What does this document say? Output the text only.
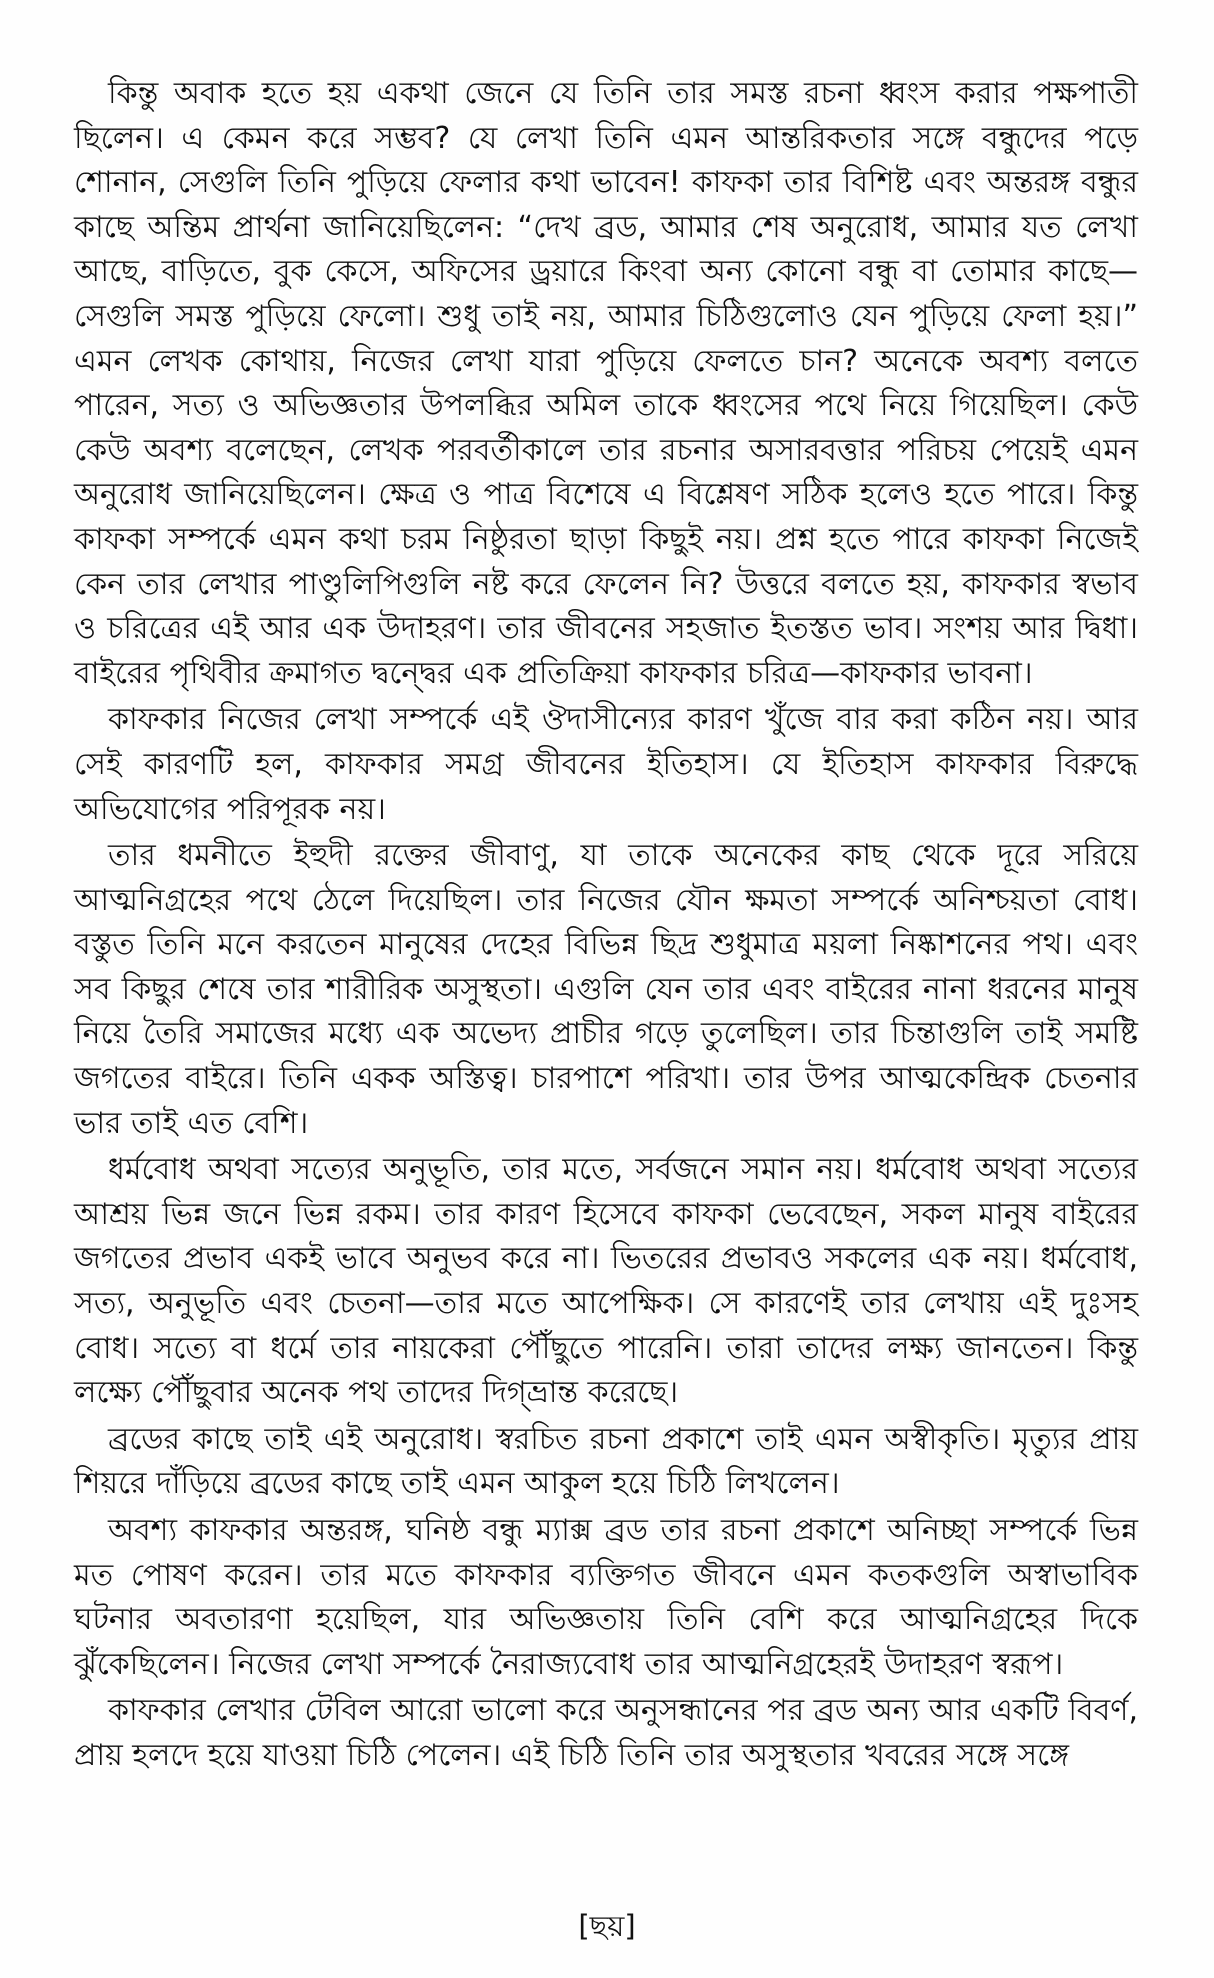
কিন্তু অবাক হতে হয় একথা জেনে যে তিনি তার সমস্ত রচনা ধ্বংস করার পক্ষপাতী ছিলেন। এ কেমন করে সম্ভব? যে লেখা তিনি এমন আন্তরিকতার সঙ্গে বন্ধুদের পড়ে শোনান, সেগুলি তিনি পুড়িয়ে ফেলার কথা ভাবেন! কাফকা তার বিশিষ্ট এবং অন্তরঙ্গ বন্ধুর কাছে অন্তিম প্রার্থনা জানিয়েছিলেন: “দেখ ব্রড, আমার শেষ অনুরোধ, আমার যত লেখা আছে, বাড়িতে, বুক কেসে, অফিসের ড্রয়ারে কিংবা অন্য কোনো বন্ধু বা তোমার কাছে—সেগুলি সমস্ত পুড়িয়ে ফেলো। শুধু তাই নয়, আমার চিঠিগুলোও যেন পুড়িয়ে ফেলা হয়।” এমন লেখক কোথায়, নিজের লেখা যারা পুড়িয়ে ফেলতে চান? অনেকে অবশ্য বলতে পারেন, সত্য ও অভিজ্ঞতার উপলব্ধির অমিল তাকে ধ্বংসের পথে নিয়ে গিয়েছিল। কেউ কেউ অবশ্য বলেছেন, লেখক পরবর্তীকালে তার রচনার অসারবত্তার পরিচয় পেয়েই এমন অনুরোধ জানিয়েছিলেন। ক্ষেত্র ও পাত্র বিশেষে এ বিশ্লেষণ সঠিক হলেও হতে পারে। কিন্তু কাফকা সম্পর্কে এমন কথা চরম নিষ্ঠুরতা ছাড়া কিছুই নয়। প্রশ্ন হতে পারে কাফকা নিজেই কেন তার লেখার পাণ্ডুলিপিগুলি নষ্ট করে ফেলেন নি? উত্তরে বলতে হয়, কাফকার স্বভাব ও চরিত্রের এই আর এক উদাহরণ। তার জীবনের সহজাত ইতস্তত ভাব। সংশয় আর দ্বিধা। বাইরের পৃথিবীর ক্রমাগত দ্বন্দ্বের এক প্রতিক্রিয়া কাফকার চরিত্র—কাফকার ভাবনা।

কাফকার নিজের লেখা সম্পর্কে এই ঔদাসীন্যের কারণ খুঁজে বার করা কঠিন নয়। আর সেই কারণটি হল, কাফকার সমগ্র জীবনের ইতিহাস। যে ইতিহাস কাফকার বিরুদ্ধে অভিযোগের পরিপূরক নয়।

তার ধমনীতে ইহুদী রক্তের জীবাণু, যা তাকে অনেকের কাছ থেকে দূরে সরিয়ে আত্মনিগ্রহের পথে ঠেলে দিয়েছিল। তার নিজের যৌন ক্ষমতা সম্পর্কে অনিশ্চয়তা বোধ। বস্তুত তিনি মনে করতেন মানুষের দেহের বিভিন্ন ছিদ্র শুধুমাত্র ময়লা নিষ্কাশনের পথ। এবং সব কিছুর শেষে তার শারীরিক অসুস্থতা। এগুলি যেন তার এবং বাইরের নানা ধরনের মানুষ নিয়ে তৈরি সমাজের মধ্যে এক অভেদ্য প্রাচীর গড়ে তুলেছিল। তার চিন্তাগুলি তাই সমষ্টি জগতের বাইরে। তিনি একক অস্তিত্ব। চারপাশে পরিখা। তার উপর আত্মকেন্দ্রিক চেতনার ভার তাই এত বেশি।

ধর্মবোধ অথবা সত্যের অনুভূতি, তার মতে, সর্বজনে সমান নয়। ধর্মবোধ অথবা সত্যের আশ্রয় ভিন্ন জনে ভিন্ন রকম। তার কারণ হিসেবে কাফকা ভেবেছেন, সকল মানুষ বাইরের জগতের প্রভাব একই ভাবে অনুভব করে না। ভিতরের প্রভাবও সকলের এক নয়। ধর্মবোধ, সত্য, অনুভূতি এবং চেতনা—তার মতে আপেক্ষিক। সে কারণেই তার লেখায় এই দুঃসহ বোধ। সত্যে বা ধর্মে তার নায়কেরা পৌঁছুতে পারেনি। তারা তাদের লক্ষ্য জানতেন। কিন্তু লক্ষ্যে পৌঁছুবার অনেক পথ তাদের দিগ্‌ভ্রান্ত করেছে।

ব্রডের কাছে তাই এই অনুরোধ। স্বরচিত রচনা প্রকাশে তাই এমন অস্বীকৃতি। মৃত্যুর প্রায় শিয়রে দাঁড়িয়ে ব্রডের কাছে তাই এমন আকুল হয়ে চিঠি লিখলেন।

অবশ্য কাফকার অন্তরঙ্গ, ঘনিষ্ঠ বন্ধু ম্যাক্স ব্রড তার রচনা প্রকাশে অনিচ্ছা সম্পর্কে ভিন্ন মত পোষণ করেন। তার মতে কাফকার ব্যক্তিগত জীবনে এমন কতকগুলি অস্বাভাবিক ঘটনার অবতারণা হয়েছিল, যার অভিজ্ঞতায় তিনি বেশি করে আত্মনিগ্রহের দিকে ঝুঁকেছিলেন। নিজের লেখা সম্পর্কে নৈরাজ্যবোধ তার আত্মনিগ্রহেরই উদাহরণ স্বরূপ।

কাফকার লেখার টেবিল আরো ভালো করে অনুসন্ধানের পর ব্রড অন্য আর একটি বিবর্ণ, প্রায় হলদে হয়ে যাওয়া চিঠি পেলেন। এই চিঠি তিনি তার অসুস্থতার খবরের সঙ্গে সঙ্গে

[ছয়]
